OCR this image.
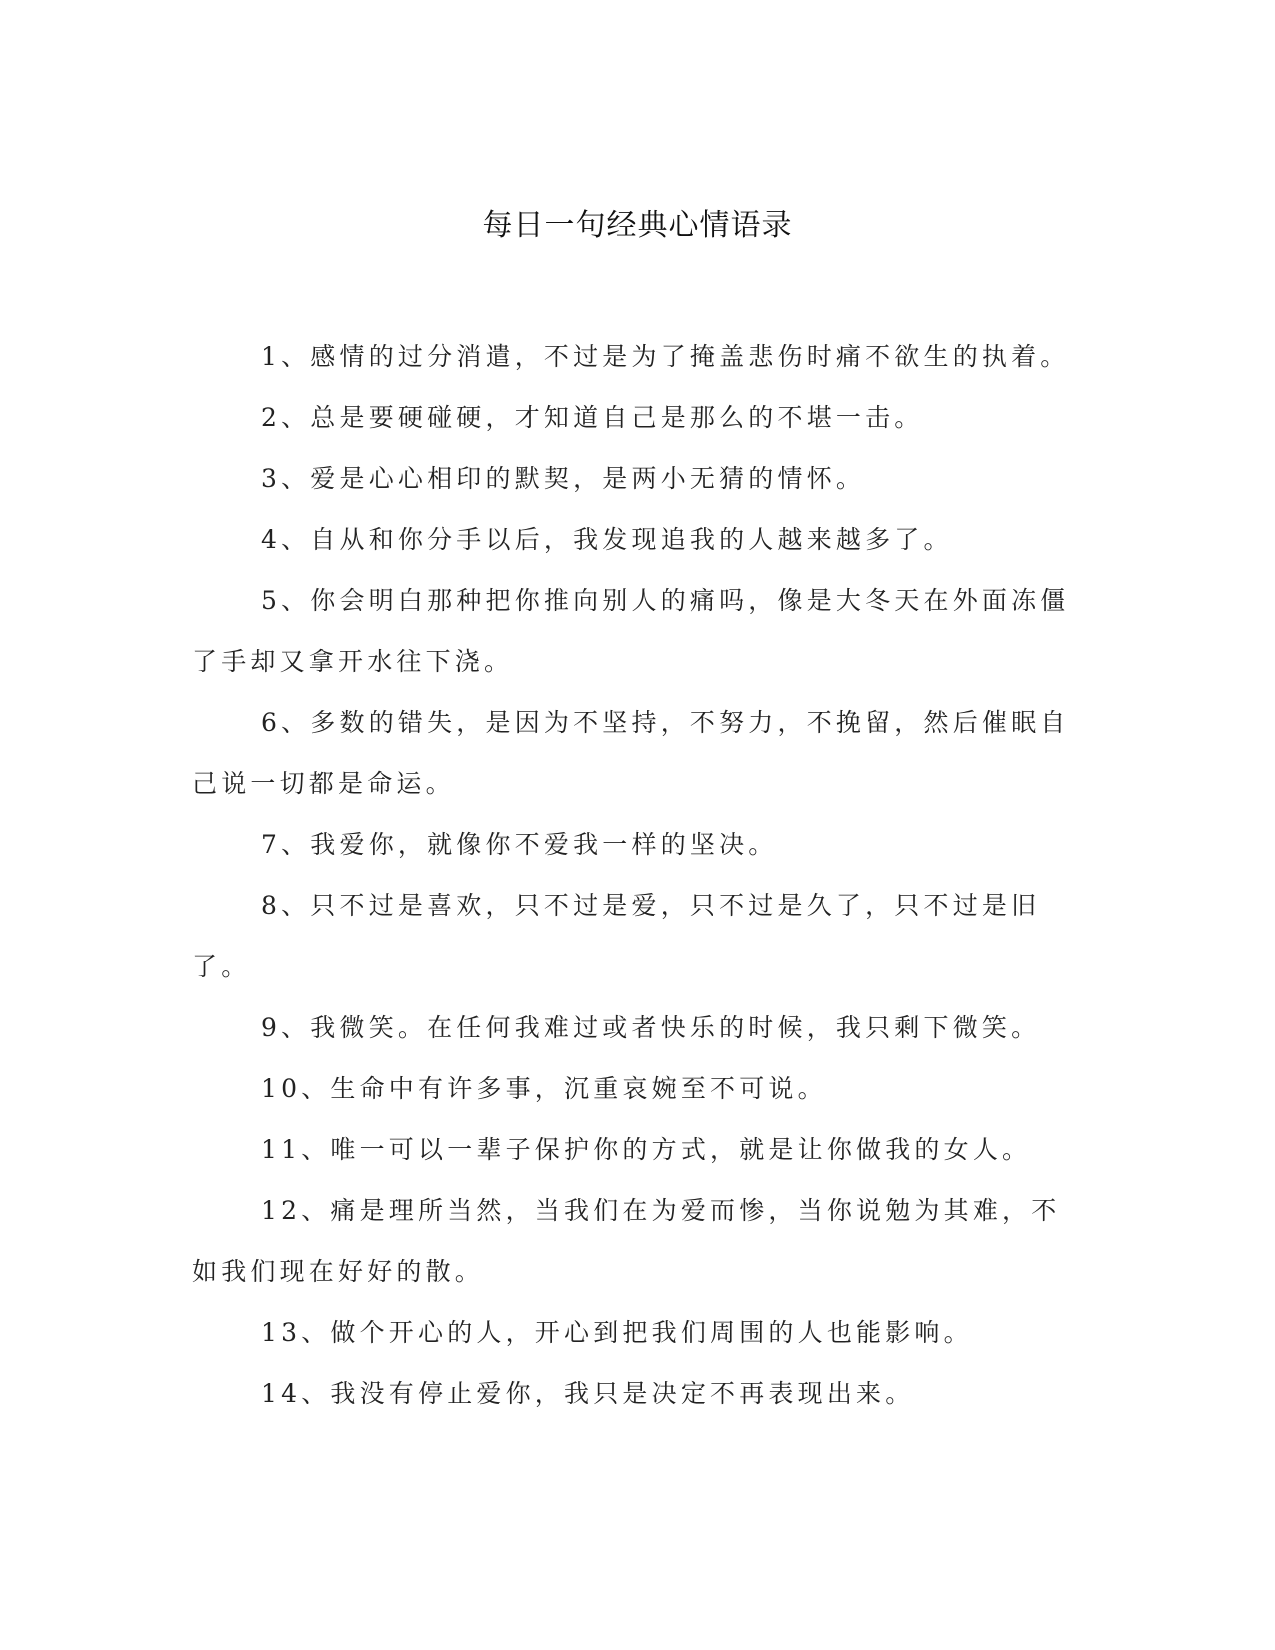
每日一句经典心情语录

1、感情的过分消遣，不过是为了掩盖悲伤时痛不欲生的执着。

2、总是要硬碰硬，才知道自己是那么的不堪一击。

3、爱是心心相印的默契，是两小无猜的情怀。

4、自从和你分手以后，我发现追我的人越来越多了。

5、你会明白那种把你推向别人的痛吗，像是大冬天在外面冻僵了手却又拿开水往下浇。

6、多数的错失，是因为不坚持，不努力，不挽留，然后催眠自己说一切都是命运。

7、我爱你，就像你不爱我一样的坚决。

8、只不过是喜欢，只不过是爱，只不过是久了，只不过是旧了。

9、我微笑。在任何我难过或者快乐的时候，我只剩下微笑。

10、生命中有许多事，沉重哀婉至不可说。

11、唯一可以一辈子保护你的方式，就是让你做我的女人。

12、痛是理所当然，当我们在为爱而惨，当你说勉为其难，不如我们现在好好的散。

13、做个开心的人，开心到把我们周围的人也能影响。

14、我没有停止爱你，我只是决定不再表现出来。
